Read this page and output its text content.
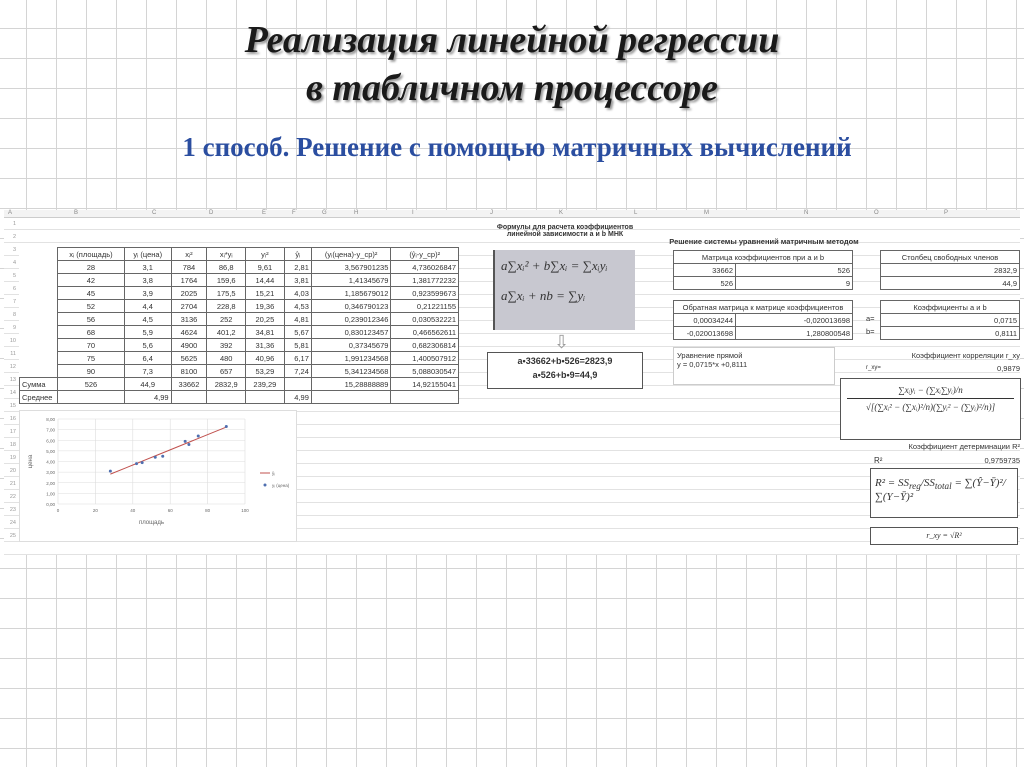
Реализация линейной регрессии
в табличном процессоре
1 способ. Решение с помощью матричных вычислений
A	B	C	D	E	F	G	H	I	J	K	L	M	N	O	P
1
2
3
4
5
6
7
8
9
10
11
12
13
14
15
16
17
18
19
20
21
22
23
24
25
	xᵢ (площадь)	yᵢ (цена)	xᵢ²	xᵢ*yᵢ	yᵢ²	ŷᵢ	(yᵢ(цена)-y_ср)²	(ŷᵢ-y_ср)²
	28	3,1	784	86,8	9,61	2,81	3,567901235	4,736026847
	42	3,8	1764	159,6	14,44	3,81	1,41345679	1,381772232
	45	3,9	2025	175,5	15,21	4,03	1,185679012	0,923599673
	52	4,4	2704	228,8	19,36	4,53	0,346790123	0,21221155
	56	4,5	3136	252	20,25	4,81	0,239012346	0,030532221
	68	5,9	4624	401,2	34,81	5,67	0,830123457	0,466562611
	70	5,6	4900	392	31,36	5,81	0,37345679	0,682306814
	75	6,4	5625	480	40,96	6,17	1,991234568	1,400507912
	90	7,3	8100	657	53,29	7,24	5,341234568	5,088030547
Сумма	526	44,9	33662	2832,9	239,29		15,28888889	14,92155041
Среднее		4,99				4,99		
0,00
1,00
2,00
3,00
4,00
5,00
6,00
7,00
8,00
0	20	40	60	80	100
площадь
цена
ŷᵢ
yᵢ (цена)
Формулы для расчета коэффициентов линейной зависимости a и b МНК
a∑xᵢ² + b∑xᵢ = ∑xᵢyᵢ
a∑xᵢ + nb = ∑yᵢ
⇩
a•33662+b•526=2823,9
a•526+b•9=44,9
Решение системы уравнений матричным методом
Матрица коэффициентов при a и b	
33662	526
526	9
Столбец свободных членов
2832,9
44,9
Обратная матрица к матрице коэффициентов	
0,00034244	-0,020013698
-0,020013698	1,280800548
a=
b=
Коэффициенты a и b
0,0715
0,8111
Уравнение прямой
y = 0,0715*x +0,8111
Коэффициент корреляции r_xy
r_xy=	0,9879
∑xᵢyᵢ − (∑xᵢ∑yᵢ)/n
√[(∑xᵢ² − (∑xᵢ)²/n)(∑yᵢ² − (∑yᵢ)²/n)]
Коэффициент детерминации R²
R²	0,9759735
$R^2 = SS_{reg}/SS_{total}$ = ∑(Ŷ−Ȳ)²/∑(Y−Ȳ)²
r_xy = √R²
